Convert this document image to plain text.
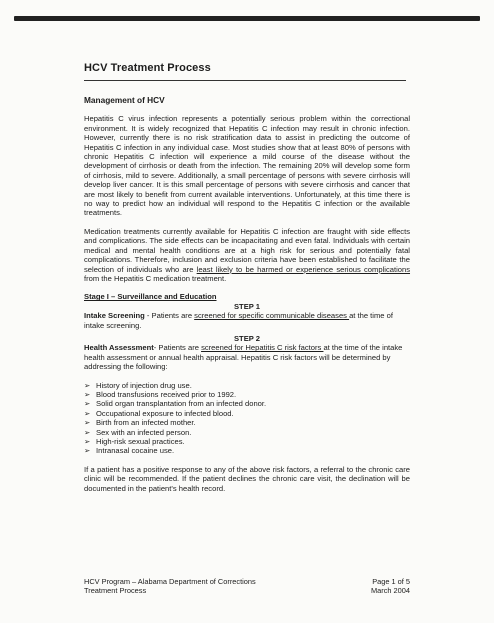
HCV Treatment Process
Management of HCV

Hepatitis C virus infection represents a potentially serious problem within the correctional environment. It is widely recognized that Hepatitis C infection may result in chronic infection. However, currently there is no risk stratification data to assist in predicting the outcome of Hepatitis C infection in any individual case. Most studies show that at least 80% of persons with chronic Hepatitis C infection will experience a mild course of the disease without the development of cirrhosis or death from the infection. The remaining 20% will develop some form of cirrhosis, mild to severe. Additionally, a small percentage of persons with severe cirrhosis will develop liver cancer. It is this small percentage of persons with severe cirrhosis and cancer that are most likely to benefit from current available interventions. Unfortunately, at this time there is no way to predict how an individual will respond to the Hepatitis C infection or the available treatments.

Medication treatments currently available for Hepatitis C infection are fraught with side effects and complications. The side effects can be incapacitating and even fatal. Individuals with certain medical and mental health conditions are at a high risk for serious and potentially fatal complications. Therefore, inclusion and exclusion criteria have been established to facilitate the selection of individuals who are least likely to be harmed or experience serious complications from the Hepatitis C medication treatment.

Stage I – Surveillance and Education
STEP 1

Intake Screening - Patients are screened for specific communicable diseases at the time of intake screening.

STEP 2

Health Assessment- Patients are screened for Hepatitis C risk factors at the time of the intake health assessment or annual health appraisal. Hepatitis C risk factors will be determined by addressing the following:

➢ History of injection drug use.
➢ Blood transfusions received prior to 1992.
➢ Solid organ transplantation from an infected donor.
➢ Occupational exposure to infected blood.
➢ Birth from an infected mother.
➢ Sex with an infected person.
➢ High-risk sexual practices.
➢ Intranasal cocaine use.

If a patient has a positive response to any of the above risk factors, a referral to the chronic care clinic will be recommended. If the patient declines the chronic care visit, the declination will be documented in the patient's health record.

HCV Program – Alabama Department of Corrections
Treatment Process
Page 1 of 5
March 2004
